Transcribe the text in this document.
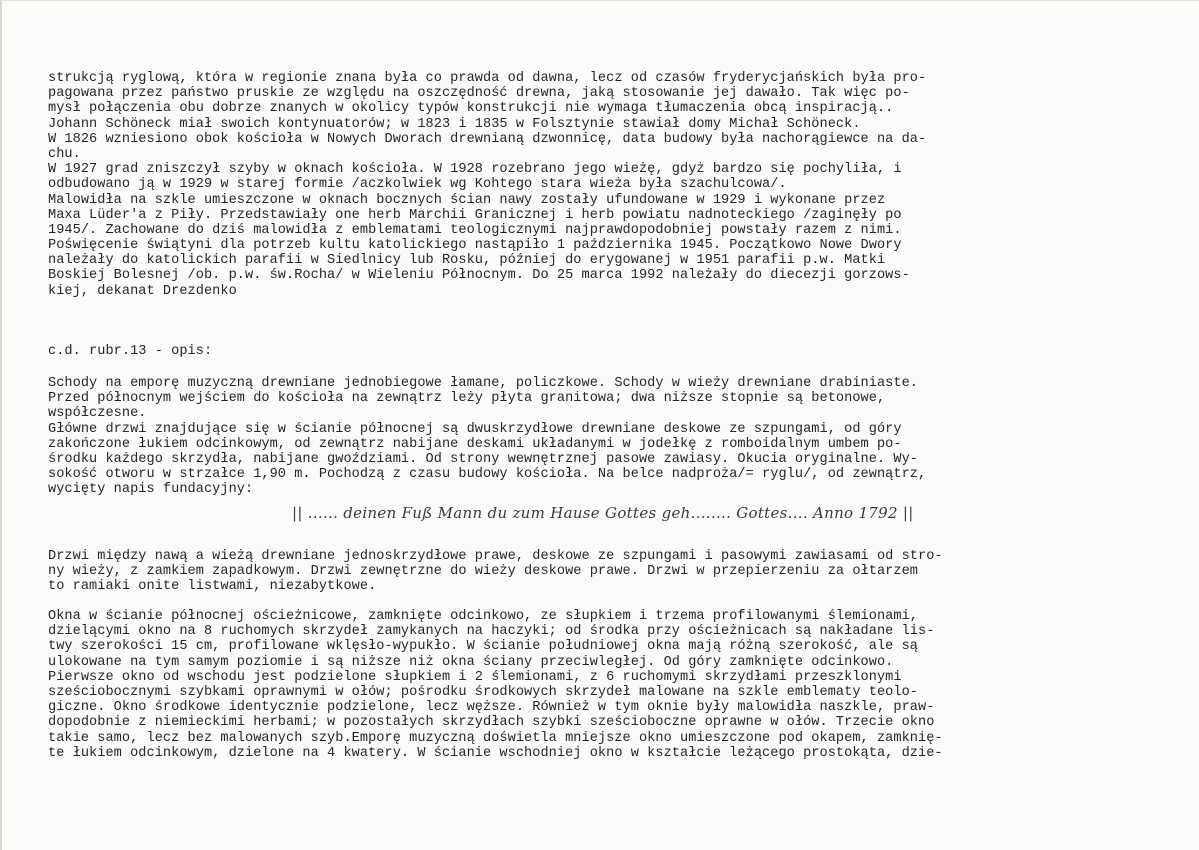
strukcją ryglową, która w regionie znana była co prawda od dawna, lecz od czasów fryderycjańskich była pro-
pagowana przez państwo pruskie ze względu na oszczędność drewna, jaką stosowanie jej dawało. Tak więc po-
mysł połączenia obu dobrze znanych w okolicy typów konstrukcji nie wymaga tłumaczenia obcą inspiracją..
Johann Schöneck miał swoich kontynuatorów; w 1823 i 1835 w Folsztynie stawiał domy Michał Schöneck.
W 1826 wzniesiono obok kościoła w Nowych Dworach drewnianą dzwonnicę, data budowy była nachorągiewce na da-
chu.
W 1927 grad zniszczył szyby w oknach kościoła. W 1928 rozebrano jego wieżę, gdyż bardzo się pochyliła, i
odbudowano ją w 1929 w starej formie /aczkolwiek wg Kohtego stara wieża była szachulcowa/.
Malowidła na szkle umieszczone w oknach bocznych ścian nawy zostały ufundowane w 1929 i wykonane przez
Maxa Lüder'a z Piły. Przedstawiały one herb Marchii Granicznej i herb powiatu nadnoteckiego /zaginęły po
1945/. Zachowane do dziś malowidła z emblematami teologicznymi najprawdopodobniej powstały razem z nimi.
Poświęcenie świątyni dla potrzeb kultu katolickiego nastąpiło 1 października 1945. Początkowo Nowe Dwory
należały do katolickich parafii w Siedlnicy lub Rosku, później do erygowanej w 1951 parafii p.w. Matki
Boskiej Bolesnej /ob. p.w. św.Rocha/ w Wieleniu Północnym. Do 25 marca 1992 należały do diecezji gorzows-
kiej, dekanat Drezdenko
c.d. rubr.13 - opis:
Schody na emporę muzyczną drewniane jednobiegowe łamane, policzkowe. Schody w wieży drewniane drabiniaste.
Przed północnym wejściem do kościoła na zewnątrz leży płyta granitowa; dwa niższe stopnie są betonowe,
współczesne.
Główne drzwi znajdujące się w ścianie północnej są dwuskrzydłowe drewniane deskowe ze szpungami, od góry
zakończone łukiem odcinkowym, od zewnątrz nabijane deskami układanymi w jodełkę z romboidalnym umbem po-
środku każdego skrzydła, nabijane gwoździami. Od strony wewnętrznej pasowe zawiasy. Okucia oryginalne. Wy-
sokość otworu w strzałce 1,90 m. Pochodzą z czasu budowy kościoła. Na belce nadproża/= ryglu/, od zewnątrz,
wycięty napis fundacyjny:
|| ...... deinen Fuß Mann du zum Hause Gottes geh........ Gottes.... Anno 1792 ||
Drzwi między nawą a wieżą drewniane jednoskrzydłowe prawe, deskowe ze szpungami i pasowymi zawiasami od stro-
ny wieży, z zamkiem zapadkowym. Drzwi zewnętrzne do wieży deskowe prawe. Drzwi w przepierzeniu za ołtarzem
to ramiaki onite listwami, niezabytkowe.
Okna w ścianie północnej ościeżnicowe, zamknięte odcinkowo, ze słupkiem i trzema profilowanymi ślemionami,
dzielącymi okno na 8 ruchomych skrzydeł zamykanych na haczyki; od środka przy ościeżnicach są nakładane lis-
twy szerokości 15 cm, profilowane wklęsło-wypukło. W ścianie południowej okna mają różną szerokość, ale są
ulokowane na tym samym poziomie i są niższe niż okna ściany przeciwległej. Od góry zamknięte odcinkowo.
Pierwsze okno od wschodu jest podzielone słupkiem i 2 ślemionami, z 6 ruchomymi skrzydłami przeszklonymi
sześciobocznymi szybkami oprawnymi w ołów; pośrodku środkowych skrzydeł malowane na szkle emblematy teolo-
giczne. Okno środkowe identycznie podzielone, lecz węższe. Również w tym oknie były malowidła naszkle, praw-
dopodobnie z niemieckimi herbami; w pozostałych skrzydłach szybki sześcioboczne oprawne w ołów. Trzecie okno
takie samo, lecz bez malowanych szyb.Emporę muzyczną doświetla mniejsze okno umieszczone pod okapem, zamknię-
te łukiem odcinkowym, dzielone na 4 kwatery. W ścianie wschodniej okno w kształcie leżącego prostokąta, dzie-
